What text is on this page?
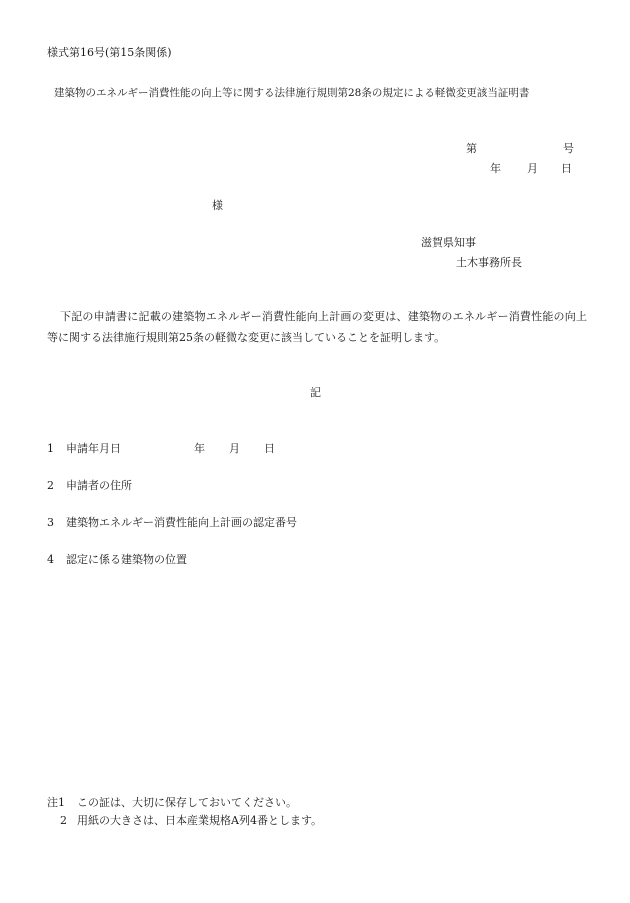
様式第16号(第15条関係)
建築物のエネルギー消費性能の向上等に関する法律施行規則第28条の規定による軽微変更該当証明書
第	号
年 月 日
様
滋賀県知事
土木事務所長
下記の申請書に記載の建築物エネルギー消費性能向上計画の変更は、建築物のエネルギー消費性能の向上等に関する法律施行規則第25条の軽微な変更に該当していることを証明します。
記
1 申請年月日	年 月 日
2 申請者の住所
3 建築物エネルギー消費性能向上計画の認定番号
4 認定に係る建築物の位置
注1 この証は、大切に保存しておいてください。
2 用紙の大きさは、日本産業規格A列4番とします。
